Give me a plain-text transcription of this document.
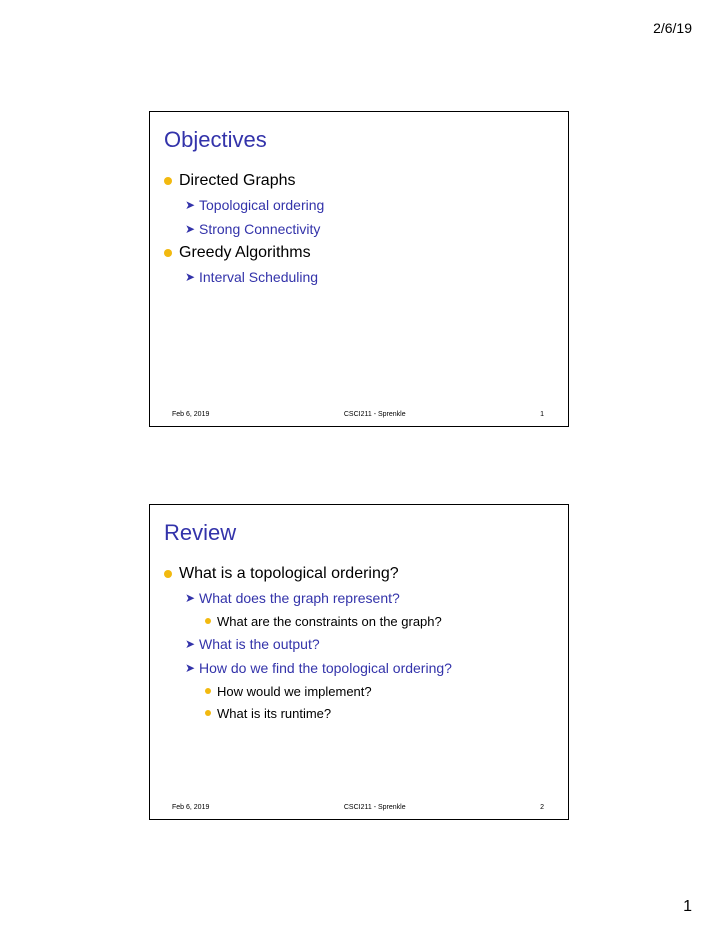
2/6/19
Objectives
Directed Graphs
➤ Topological ordering
➤ Strong Connectivity
Greedy Algorithms
➤ Interval Scheduling
Feb 6, 2019	CSCI211 - Sprenkle	1
Review
What is a topological ordering?
➤ What does the graph represent?
What are the constraints on the graph?
➤ What is the output?
➤ How do we find the topological ordering?
How would we implement?
What is its runtime?
Feb 6, 2019	CSCI211 - Sprenkle	2
1
